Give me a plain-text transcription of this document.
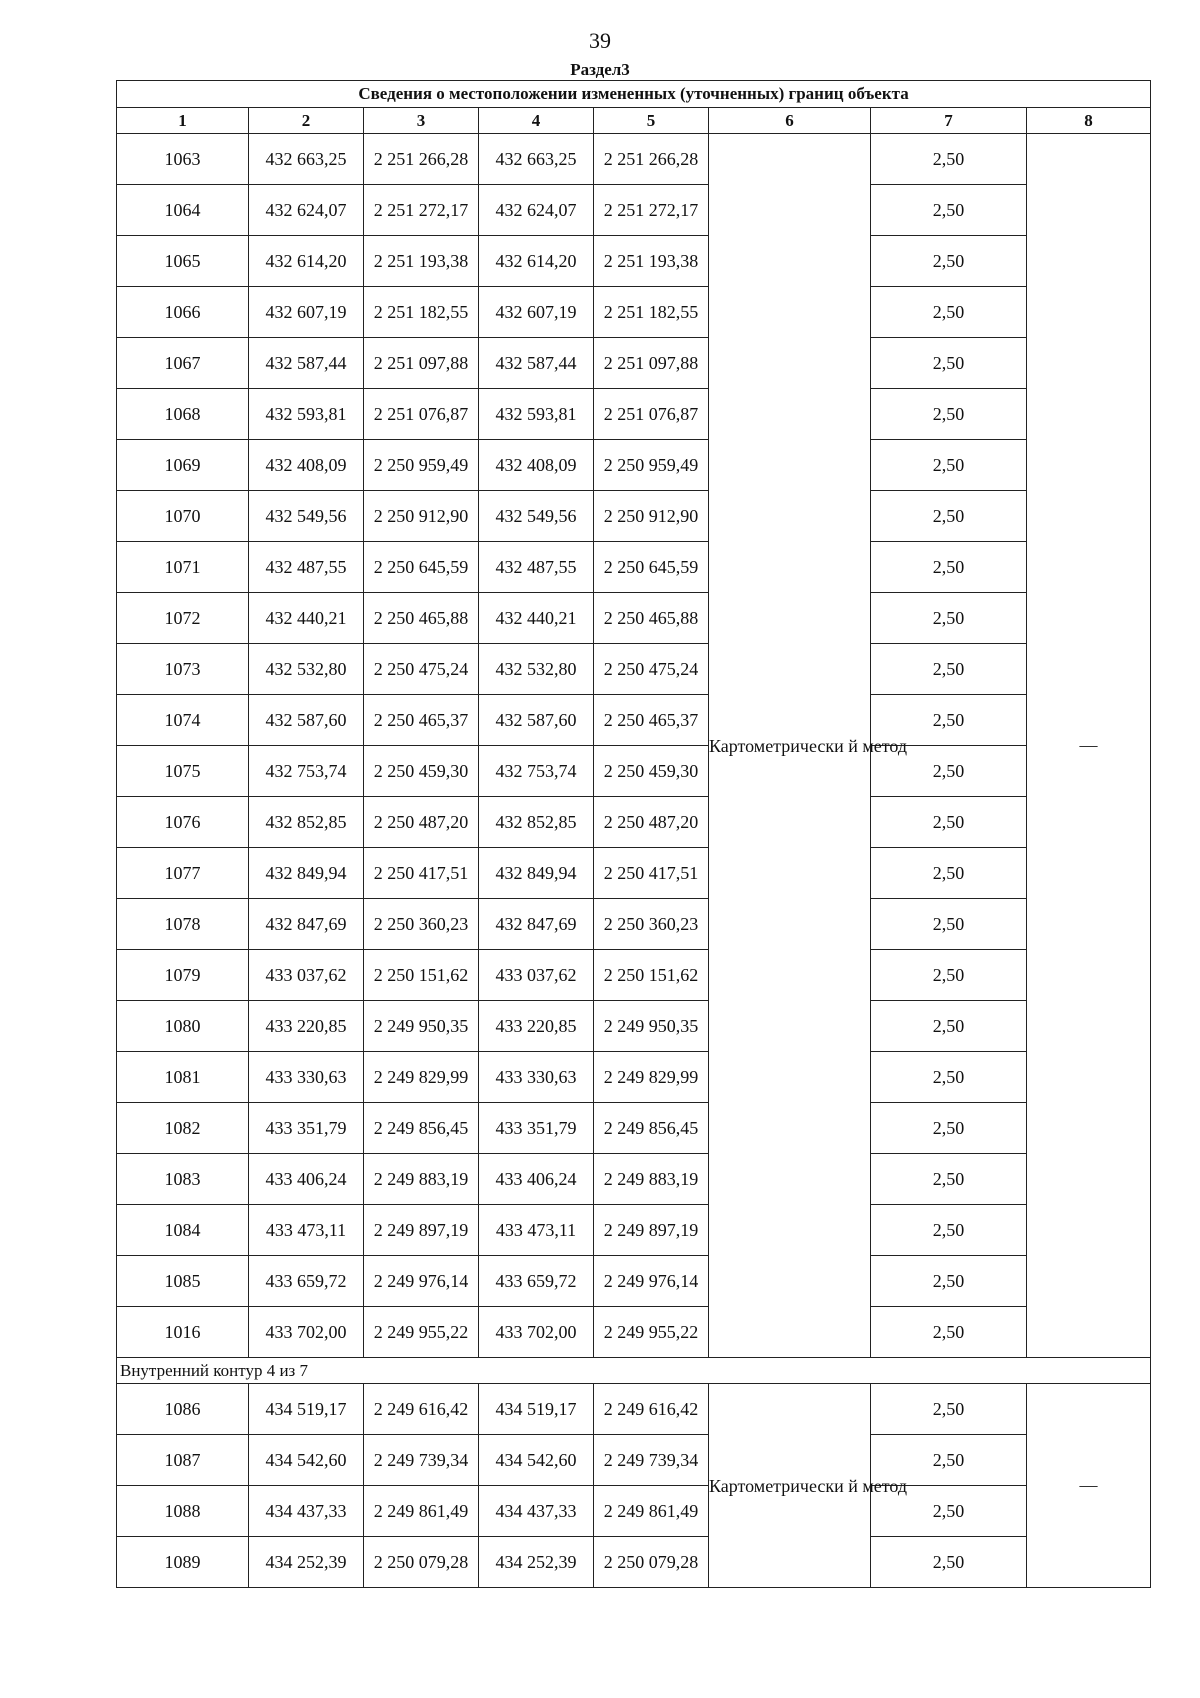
39
Раздел3
Сведения о местоположении измененных (уточненных) границ объекта							
1	2	3	4	5	6	7	8
1063	432 663,25	2 251 266,28	432 663,25	2 251 266,28	Картометрически й метод	2,50	—
1064	432 624,07	2 251 272,17	432 624,07	2 251 272,17		2,50	
1065	432 614,20	2 251 193,38	432 614,20	2 251 193,38		2,50	
1066	432 607,19	2 251 182,55	432 607,19	2 251 182,55		2,50	
1067	432 587,44	2 251 097,88	432 587,44	2 251 097,88		2,50	
1068	432 593,81	2 251 076,87	432 593,81	2 251 076,87		2,50	
1069	432 408,09	2 250 959,49	432 408,09	2 250 959,49		2,50	
1070	432 549,56	2 250 912,90	432 549,56	2 250 912,90		2,50	
1071	432 487,55	2 250 645,59	432 487,55	2 250 645,59		2,50	
1072	432 440,21	2 250 465,88	432 440,21	2 250 465,88		2,50	
1073	432 532,80	2 250 475,24	432 532,80	2 250 475,24		2,50	
1074	432 587,60	2 250 465,37	432 587,60	2 250 465,37		2,50	
1075	432 753,74	2 250 459,30	432 753,74	2 250 459,30		2,50	
1076	432 852,85	2 250 487,20	432 852,85	2 250 487,20		2,50	
1077	432 849,94	2 250 417,51	432 849,94	2 250 417,51		2,50	
1078	432 847,69	2 250 360,23	432 847,69	2 250 360,23		2,50	
1079	433 037,62	2 250 151,62	433 037,62	2 250 151,62		2,50	
1080	433 220,85	2 249 950,35	433 220,85	2 249 950,35		2,50	
1081	433 330,63	2 249 829,99	433 330,63	2 249 829,99		2,50	
1082	433 351,79	2 249 856,45	433 351,79	2 249 856,45		2,50	
1083	433 406,24	2 249 883,19	433 406,24	2 249 883,19		2,50	
1084	433 473,11	2 249 897,19	433 473,11	2 249 897,19		2,50	
1085	433 659,72	2 249 976,14	433 659,72	2 249 976,14		2,50	
1016	433 702,00	2 249 955,22	433 702,00	2 249 955,22		2,50	
Внутренний контур 4 из 7							
1086	434 519,17	2 249 616,42	434 519,17	2 249 616,42	Картометрически й метод	2,50	—
1087	434 542,60	2 249 739,34	434 542,60	2 249 739,34		2,50	
1088	434 437,33	2 249 861,49	434 437,33	2 249 861,49		2,50	
1089	434 252,39	2 250 079,28	434 252,39	2 250 079,28		2,50	
